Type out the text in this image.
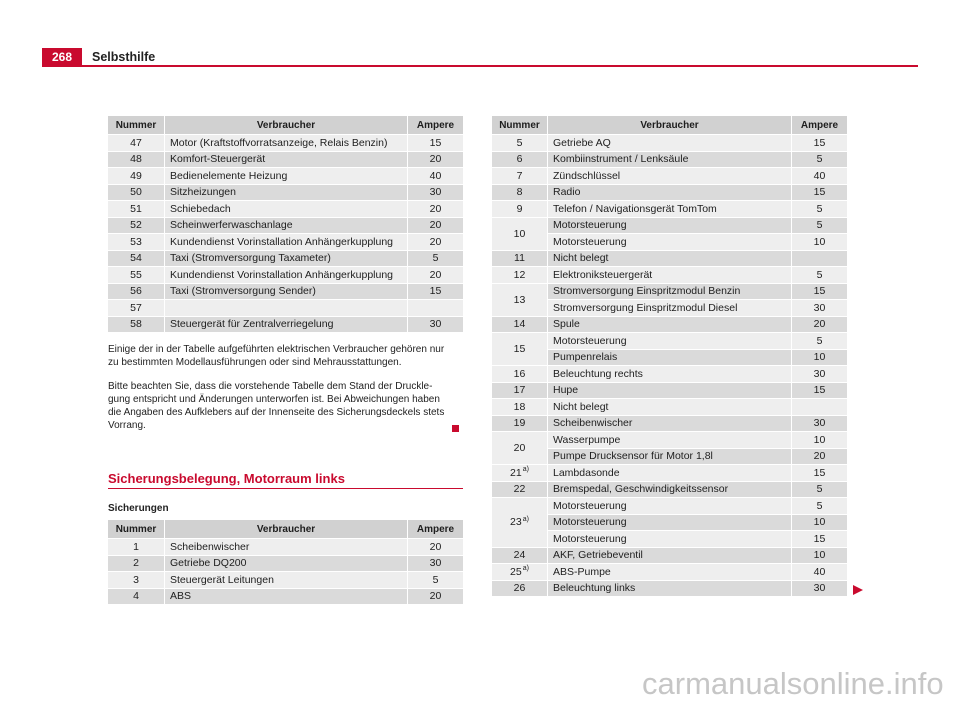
268	Selbsthilfe
Nummer	Verbraucher	Ampere
47	Motor (Kraftstoffvorratsanzeige, Relais Benzin)	15
48	Komfort-Steuergerät	20
49	Bedienelemente Heizung	40
50	Sitzheizungen	30
51	Schiebedach	20
52	Scheinwerferwaschanlage	20
53	Kundendienst Vorinstallation Anhängerkupplung	20
54	Taxi (Stromversorgung Taxameter)	5
55	Kundendienst Vorinstallation Anhängerkupplung	20
56	Taxi (Stromversorgung Sender)	15
57		
58	Steuergerät für Zentralverriegelung	30
Einige der in der Tabelle aufgeführten elektrischen Verbraucher gehören nur
zu bestimmten Modellausführungen oder sind Mehrausstattungen.
Bitte beachten Sie, dass die vorstehende Tabelle dem Stand der Druckle-
gung entspricht und Änderungen unterworfen ist. Bei Abweichungen haben
die Angaben des Aufklebers auf der Innenseite des Sicherungsdeckels stets
Vorrang.
Sicherungsbelegung, Motorraum links
Sicherungen
Nummer	Verbraucher	Ampere
1	Scheibenwischer	20
2	Getriebe DQ200	30
3	Steuergerät Leitungen	5
4	ABS	20
Nummer	Verbraucher	Ampere
5	Getriebe AQ	15
6	Kombiinstrument / Lenksäule	5
7	Zündschlüssel	40
8	Radio	15
9	Telefon / Navigationsgerät TomTom	5
10	Motorsteuerung	5
	Motorsteuerung	10
11	Nicht belegt	
12	Elektroniksteuergerät	5
13	Stromversorgung Einspritzmodul Benzin	15
	Stromversorgung Einspritzmodul Diesel	30
14	Spule	20
15	Motorsteuerung	5
	Pumpenrelais	10
16	Beleuchtung rechts	30
17	Hupe	15
18	Nicht belegt	
19	Scheibenwischer	30
20	Wasserpumpe	10
	Pumpe Drucksensor für Motor 1,8l	20
21$^{a)}$	Lambdasonde	15
22	Bremspedal, Geschwindigkeitssensor	5
23$^{a)}$	Motorsteuerung	5
	Motorsteuerung	10
	Motorsteuerung	15
24	AKF, Getriebeventil	10
25$^{a)}$	ABS-Pumpe	40
26	Beleuchtung links	30
carmanualsonline.info
